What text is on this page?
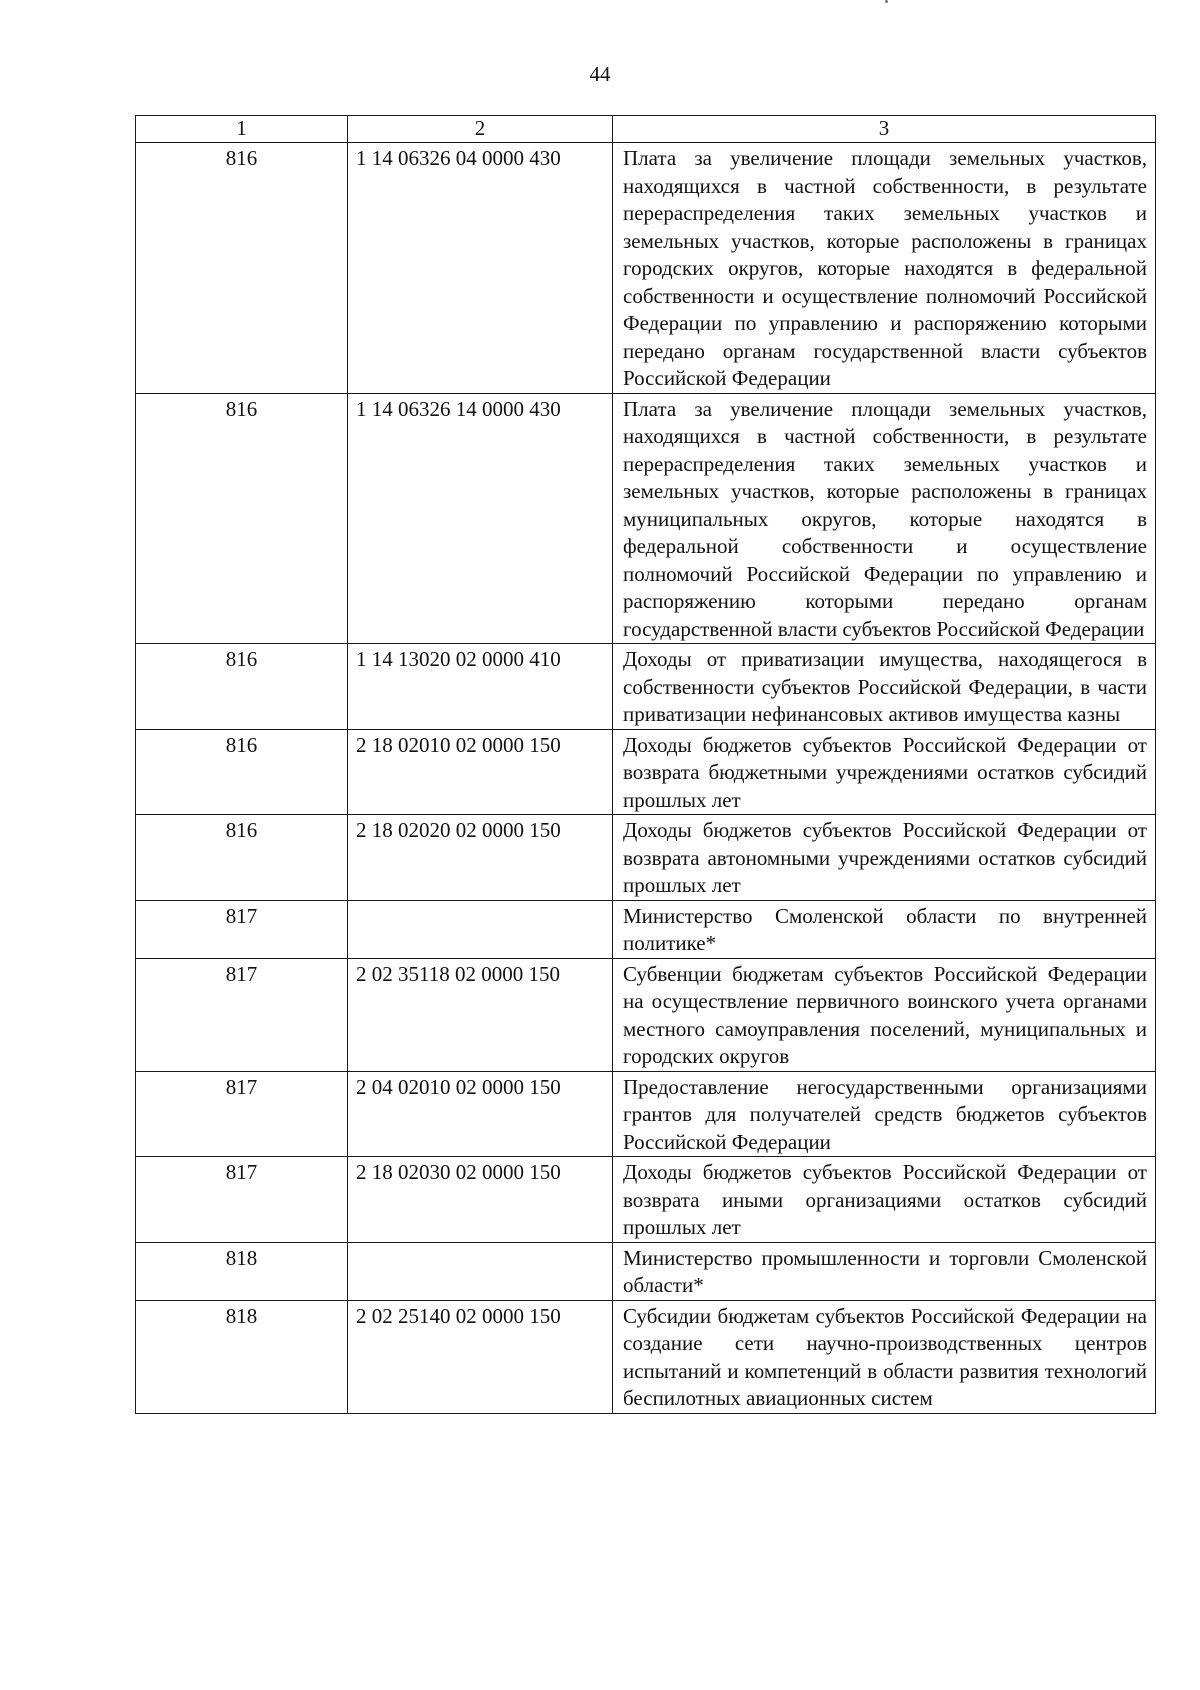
44
1	2	3
816	1 14 06326 04 0000 430	Плата за увеличение площади земельных участков, находящихся в частной собственности, в результате перераспределения таких земельных участков и земельных участков, которые расположены в границах городских округов, которые находятся в федеральной собственности и осуществление полномочий Российской Федерации по управлению и распоряжению которыми передано органам государственной власти субъектов Российской Федерации
816	1 14 06326 14 0000 430	Плата за увеличение площади земельных участков, находящихся в частной собственности, в результате перераспределения таких земельных участков и земельных участков, которые расположены в границах муниципальных округов, которые находятся в федеральной собственности и осуществление полномочий Российской Федерации по управлению и распоряжению которыми передано органам государственной власти субъектов Российской Федерации
816	1 14 13020 02 0000 410	Доходы от приватизации имущества, находящегося в собственности субъектов Российской Федерации, в части приватизации нефинансовых активов имущества казны
816	2 18 02010 02 0000 150	Доходы бюджетов субъектов Российской Федерации от возврата бюджетными учреждениями остатков субсидий прошлых лет
816	2 18 02020 02 0000 150	Доходы бюджетов субъектов Российской Федерации от возврата автономными учреждениями остатков субсидий прошлых лет
817		Министерство Смоленской области по внутренней политике*
817	2 02 35118 02 0000 150	Субвенции бюджетам субъектов Российской Федерации на осуществление первичного воинского учета органами местного самоуправления поселений, муниципальных и городских округов
817	2 04 02010 02 0000 150	Предоставление негосударственными организациями грантов для получателей средств бюджетов субъектов Российской Федерации
817	2 18 02030 02 0000 150	Доходы бюджетов субъектов Российской Федерации от возврата иными организациями остатков субсидий прошлых лет
818		Министерство промышленности и торговли Смоленской области*
818	2 02 25140 02 0000 150	Субсидии бюджетам субъектов Российской Федерации на создание сети научно-производственных центров испытаний и компетенций в области развития технологий беспилотных авиационных систем
